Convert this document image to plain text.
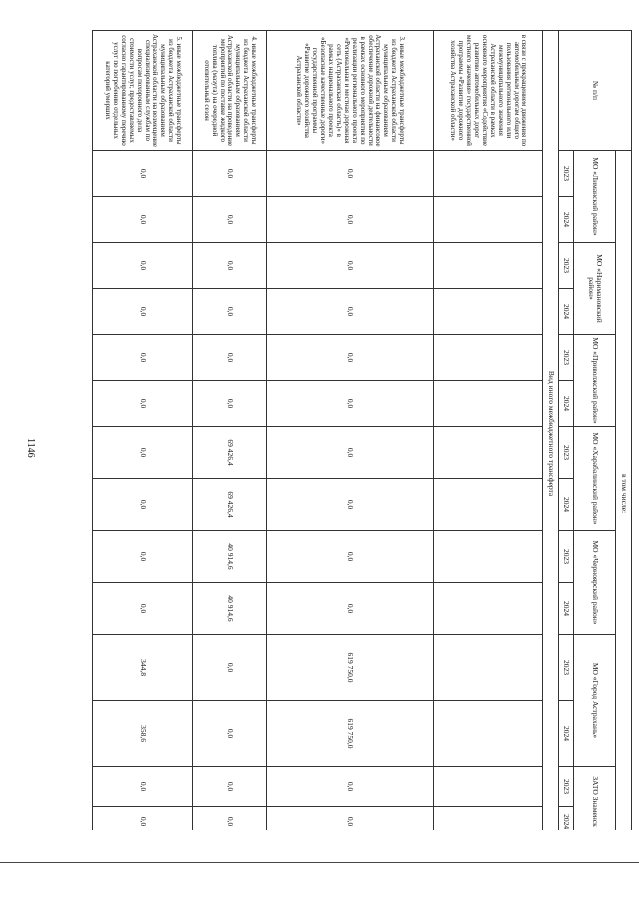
1146
№ п/п	в том числе:													
	МО «Лиманский район»		МО «Наримановский район»		МО «Приволжский район»		МО «Харабалинский район»		МО «Черноярский район»		МО «Город Астрахань»		ЗАТО Знаменск	
	2023	2024	2023	2024	2023	2024	2023	2024	2023	2024	2023	2024	2023	2024
Вид иного межбюджетного трансферта														
в связи с прекращением движения по автомобильным дорогам общего пользования регионального или межмуниципального значения Астраханской области в рамках основного мероприятия «Содействие развитию автомобильных дорог местного значения» государственной программы «Развитие дорожного хозяйства Астраханской области»														
3. иные межбюджетные трансферты из бюджета Астраханской области муниципальным образованиям Астраханской области на финансовое обеспечение дорожной деятельности в рамках основного мероприятия по реализации регионального проекта «Региональная и местная дорожная сеть (Астраханская область)» в рамках национального проекта «Безопасные качественные дороги» государственной программы «Развитие дорожного хозяйства Астраханской области»	0,0	0,0	0,0	0,0	0,0	0,0	0,0	0,0	0,0	0,0	619 750,0	619 750,0	0,0	0,0
4. иные межбюджетные трансферты из бюджета Астраханской области муниципальным образованиям Астраханской области на проведение мероприятий по поставке жидкого топлива (мазута) на очередной отопительный сезон	0,0	0,0	0,0	0,0	0,0	0,0	69 426,4	69 426,4	40 914,6	40 914,6	0,0	0,0	0,0	0,0
5. иные межбюджетные трансферты из бюджета Астраханской области муниципальным образованиям Астраханской области на возмещение специализированным службам по вопросам похоронного дела стоимости услуг, предоставляемых согласно гарантированному перечню услуг по погребению отдельных категорий умерших	0,0	0,0	0,0	0,0	0,0	0,0	0,0	0,0	0,0	0,0	344,8	358,6	0,0	0,0
